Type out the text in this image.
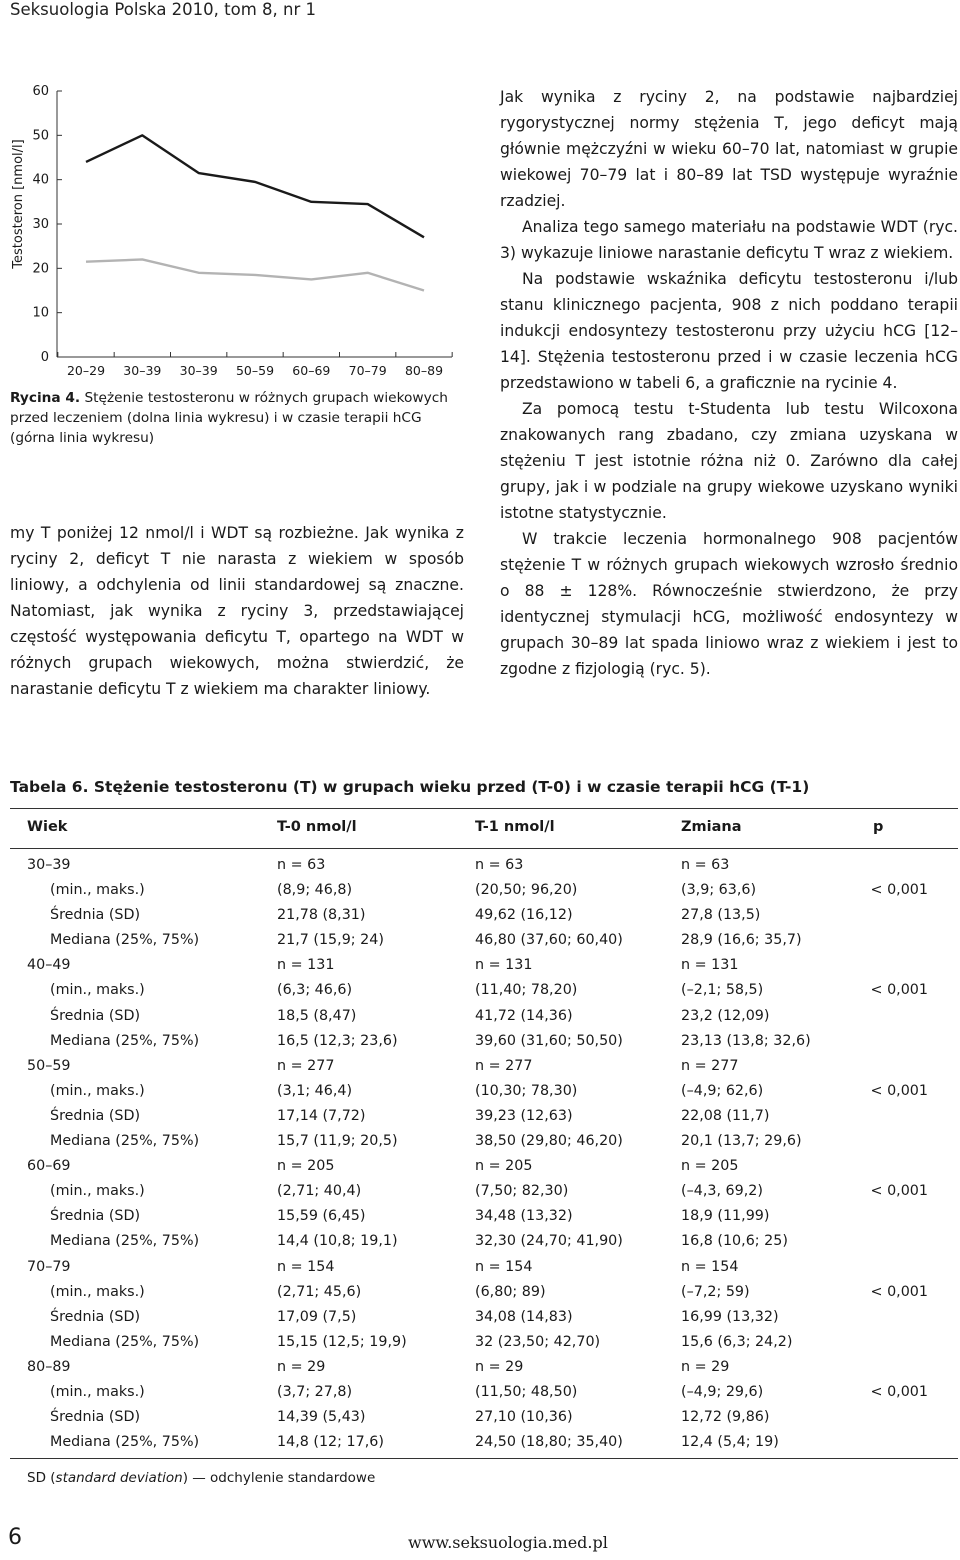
Seksuologia Polska 2010, tom 8, nr 1
0
10
20
30
40
50
60
20–29 30–39 30–39 50–59 60–69 70–79 80–89
Testosteron [nmol/l]
Rycina 4. Stężenie testosteronu w różnych grupach wiekowych przed leczeniem (dolna linia wykresu) i w czasie terapii hCG (górna linia wykresu)

my T poniżej 12 nmol/l i WDT są rozbieżne. Jak wynika z ryciny 2, deficyt T nie narasta z wiekiem w sposób liniowy, a odchylenia od linii standardowej są znaczne. Natomiast, jak wynika z ryciny 3, przedstawiającej częstość występowania deficytu T, opartego na WDT w różnych grupach wiekowych, można stwierdzić, że narastanie deficytu T z wiekiem ma charakter liniowy.

Jak wynika z ryciny 2, na podstawie najbardziej rygorystycznej normy stężenia T, jego deficyt mają głównie mężczyźni w wieku 60–70 lat, natomiast w grupie wiekowej 70–79 lat i 80–89 lat TSD występuje wyraźnie rzadziej.

Analiza tego samego materiału na podstawie WDT (ryc. 3) wykazuje liniowe narastanie deficytu T wraz z wiekiem.

Na podstawie wskaźnika deficytu testosteronu i/lub stanu klinicznego pacjenta, 908 z nich poddano terapii indukcji endosyntezy testosteronu przy użyciu hCG [12–14]. Stężenia testosteronu przed i w czasie leczenia hCG przedstawiono w tabeli 6, a graficznie na rycinie 4.

Za pomocą testu t-Studenta lub testu Wilcoxona znakowanych rang zbadano, czy zmiana uzyskana w stężeniu T jest istotnie różna niż 0. Zarówno dla całej grupy, jak i w podziale na grupy wiekowe uzyskano wyniki istotne statystycznie.

W trakcie leczenia hormonalnego 908 pacjentów stężenie T w różnych grupach wiekowych wzrosło średnio o 88 ± 128%. Równocześnie stwierdzono, że przy identycznej stymulacji hCG, możliwość endosyntezy w grupach 30–89 lat spada liniowo wraz z wiekiem i jest to zgodne z fizjologią (ryc. 5).

Tabela 6. Stężenie testosteronu (T) w grupach wieku przed (T-0) i w czasie terapii hCG (T-1)
Wiek	T-0 nmol/l	T-1 nmol/l	Zmiana	p
30–39	n = 63	n = 63	n = 63
(min., maks.)	(8,9; 46,8)	(20,50; 96,20)	(3,9; 63,6)	< 0,001
Średnia (SD)	21,78 (8,31)	49,62 (16,12)	27,8 (13,5)
Mediana (25%, 75%)	21,7 (15,9; 24)	46,80 (37,60; 60,40)	28,9 (16,6; 35,7)
40–49	n = 131	n = 131	n = 131
(min., maks.)	(6,3; 46,6)	(11,40; 78,20)	(–2,1; 58,5)	< 0,001
Średnia (SD)	18,5 (8,47)	41,72 (14,36)	23,2 (12,09)
Mediana (25%, 75%)	16,5 (12,3; 23,6)	39,60 (31,60; 50,50)	23,13 (13,8; 32,6)
50–59	n = 277	n = 277	n = 277
(min., maks.)	(3,1; 46,4)	(10,30; 78,30)	(–4,9; 62,6)	< 0,001
Średnia (SD)	17,14 (7,72)	39,23 (12,63)	22,08 (11,7)
Mediana (25%, 75%)	15,7 (11,9; 20,5)	38,50 (29,80; 46,20)	20,1 (13,7; 29,6)
60–69	n = 205	n = 205	n = 205
(min., maks.)	(2,71; 40,4)	(7,50; 82,30)	(–4,3, 69,2)	< 0,001
Średnia (SD)	15,59 (6,45)	34,48 (13,32)	18,9 (11,99)
Mediana (25%, 75%)	14,4 (10,8; 19,1)	32,30 (24,70; 41,90)	16,8 (10,6; 25)
70–79	n = 154	n = 154	n = 154
(min., maks.)	(2,71; 45,6)	(6,80; 89)	(–7,2; 59)	< 0,001
Średnia (SD)	17,09 (7,5)	34,08 (14,83)	16,99 (13,32)
Mediana (25%, 75%)	15,15 (12,5; 19,9)	32 (23,50; 42,70)	15,6 (6,3; 24,2)
80–89	n = 29	n = 29	n = 29
(min., maks.)	(3,7; 27,8)	(11,50; 48,50)	(–4,9; 29,6)	< 0,001
Średnia (SD)	14,39 (5,43)	27,10 (10,36)	12,72 (9,86)
Mediana (25%, 75%)	14,8 (12; 17,6)	24,50 (18,80; 35,40)	12,4 (5,4; 19)
SD (standard deviation) — odchylenie standardowe
6	www.seksuologia.med.pl
